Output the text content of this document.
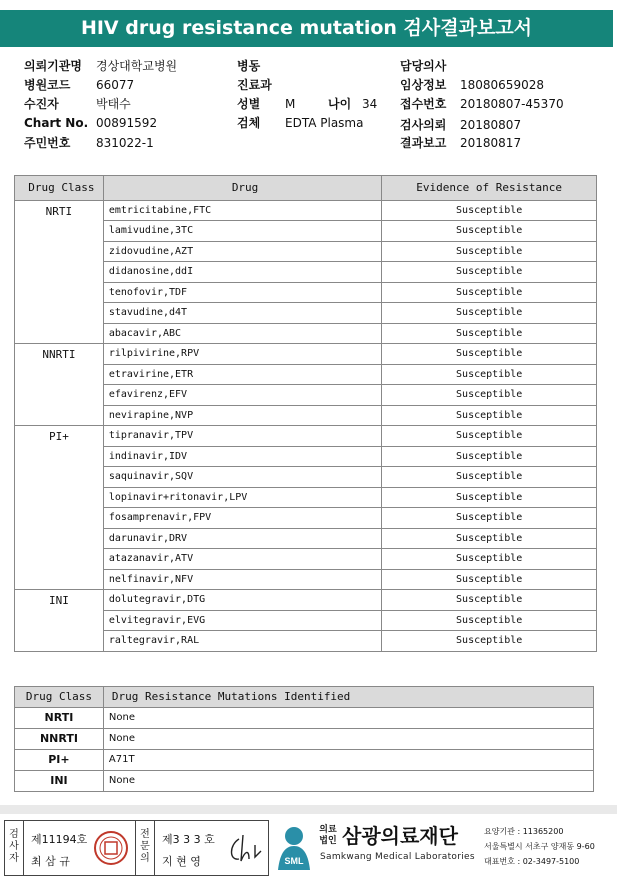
HIV drug resistance mutation 검사결과보고서
의뢰기관명 경상대학교병원
병원코드 66077
수진자	박태수
Chart No. 00891592
주민번호 831022-1
병동
진료과
성별 M
검체 EDTA Plasma
담당의사
임상정보 18080659028
접수번호 20180807-45370
검사의뢰 20180807
결과보고 20180817
나이 34
Drug Class	Drug	Evidence of Resistance
NRTI	emtricitabine,FTC	Susceptible
	lamivudine,3TC	Susceptible
	zidovudine,AZT	Susceptible
	didanosine,ddI	Susceptible
	tenofovir,TDF	Susceptible
	stavudine,d4T	Susceptible
	abacavir,ABC	Susceptible
NNRTI	rilpivirine,RPV	Susceptible
	etravirine,ETR	Susceptible
	efavirenz,EFV	Susceptible
	nevirapine,NVP	Susceptible
PI+	tipranavir,TPV	Susceptible
	indinavir,IDV	Susceptible
	saquinavir,SQV	Susceptible
	lopinavir+ritonavir,LPV	Susceptible
	fosamprenavir,FPV	Susceptible
	darunavir,DRV	Susceptible
	atazanavir,ATV	Susceptible
	nelfinavir,NFV	Susceptible
INI	dolutegravir,DTG	Susceptible
	elvitegravir,EVG	Susceptible
	raltegravir,RAL	Susceptible
Drug Class	Drug Resistance Mutations Identified
NRTI	None
NNRTI	None
PI+	A71T
INI	None
검
사
자
제11194호
최 삼 규
전
문
의
제3 3 3 호
지 현 영	SML
의료
법인 삼광의료재단
Samkwang Medical Laboratories
요양기관 : 11365200
서울특별시 서초구 양재동 9-60
대표번호 : 02-3497-5100
